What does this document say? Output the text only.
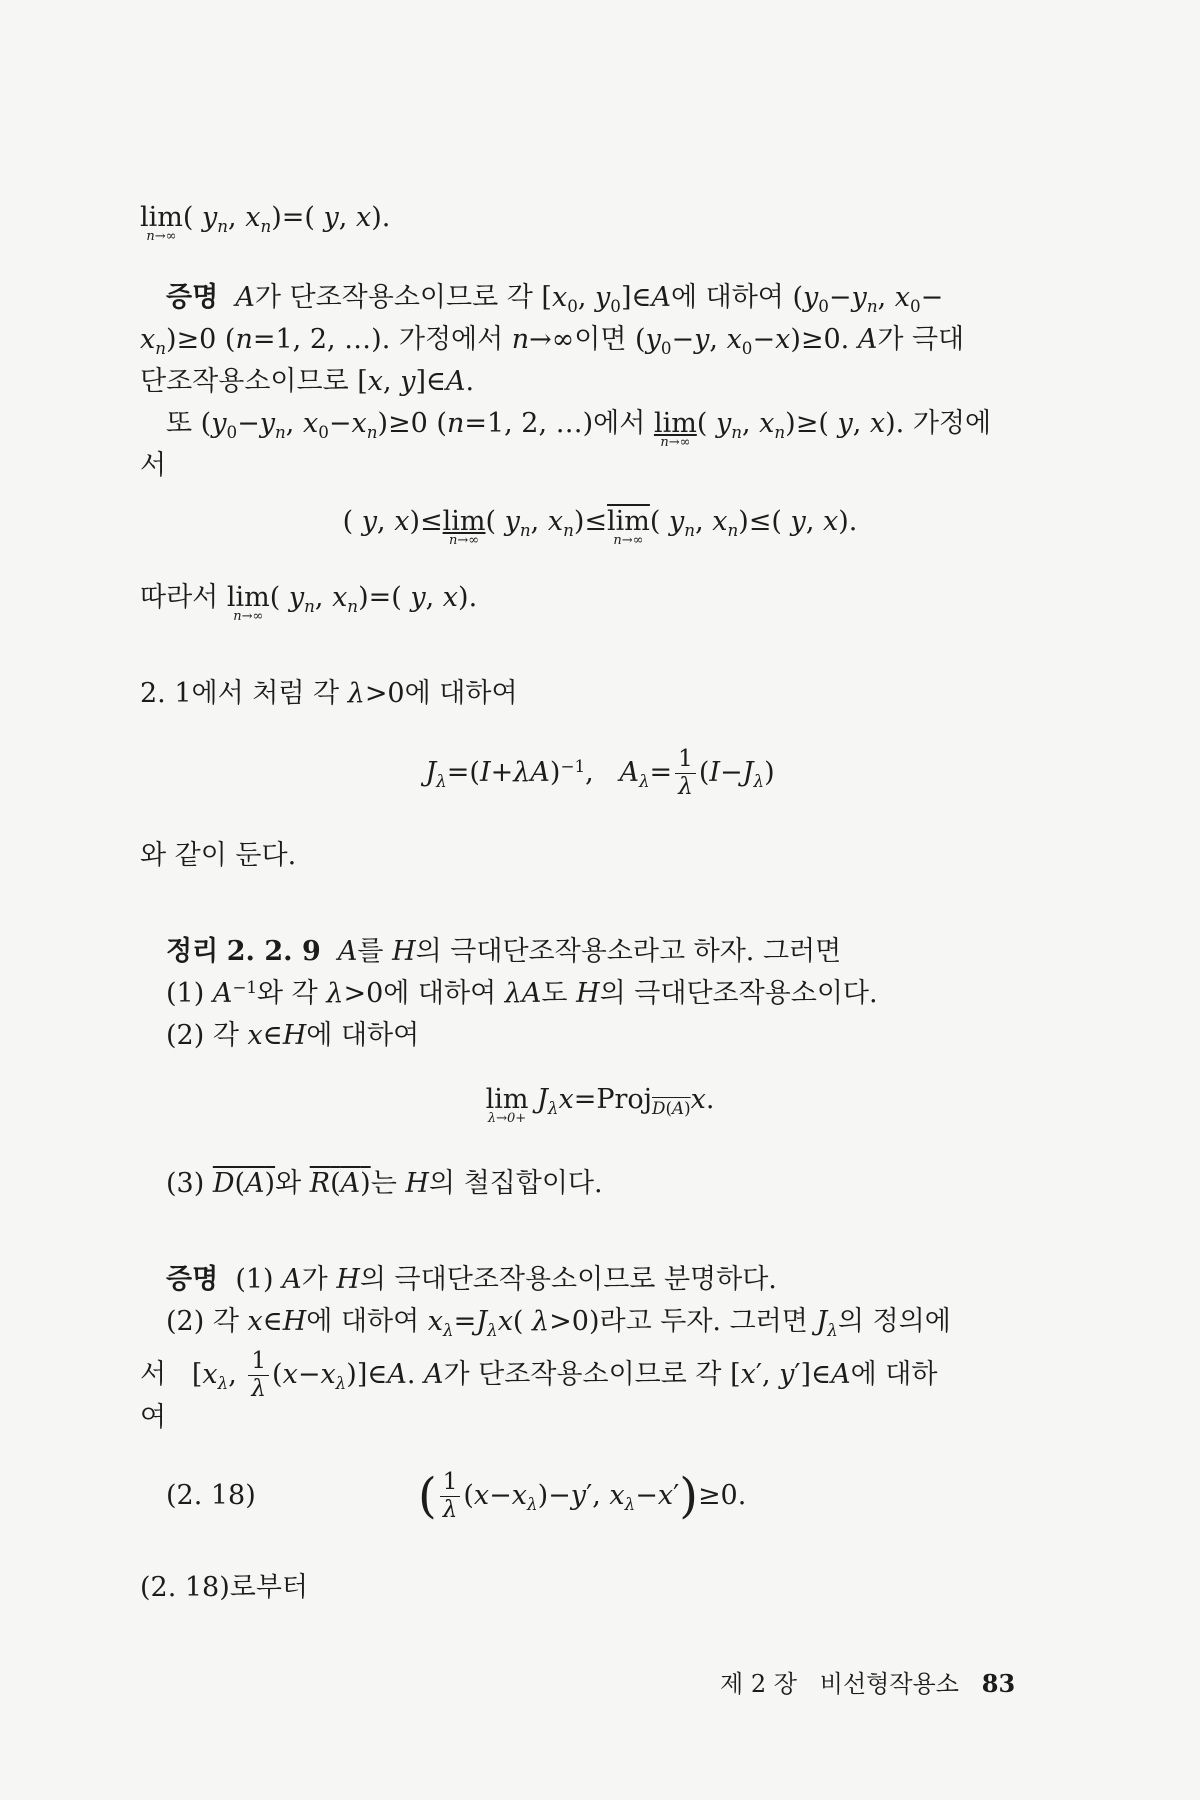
lim
n→∞
( $y_n$, $x_n)=$( y, x).
증명 A가 단조작용소이므로 각 [$x_0$, $y_0]\in A$에 대하여 ($y_0-y_n$, $x_0-$
$x_n)\ge 0$ (n=1, 2, …). 가정에서 n→∞이면 ($y_0-y$, $x_0-x)\ge 0$. A가 극대
단조작용소이므로 [x, y]∈A.
또 ($y_0-y_n$, $x_0-x_n)\ge 0$ (n=1, 2, …)에서 lim
n→∞
( $y_n$, $x_n)\ge$( y, x). 가정에
서
( y, x)≤ lim
n→∞
( $y_n$, $x_n)\le \overline{lim}$
n→∞
( $y_n$, $x_n)\le$( y, x).
따라서 lim
n→∞
( $y_n$, $x_n)=$( y, x).
2. 1에서 처럼 각 λ>0에 대하여
$J_\lambda=(I+\lambda A)^{-1}$,   $A_\lambda= \frac{1}{\lambda} (I-J_\lambda)$
와 같이 둔다.
정리 2. 2. 9 A를 H의 극대단조작용소라고 하자. 그러면
(1) $A^{-1}$와 각 λ>0에 대하여 λA도 H의 극대단조작용소이다.
(2) 각 x∈H에 대하여
lim
λ→0+
$J_\lambda x=Proj_{D(A)}x$.
(3) D(A)와 R(A)는 H의 철집합이다.
증명  (1) A가 H의 극대단조작용소이므로 분명하다.
(2) 각 x∈H에 대하여 $x_\lambda=J_\lambda x$( λ>0)라고 두자. 그러면 $J_\lambda$의 정의에
서   [$x_\lambda$, $\frac{1}{\lambda}$ $(x-x_\lambda)]\in A$. A가 단조작용소이므로 각 [x′, y′]∈A에 대하
여
(2. 18)	( $\frac{1}{\lambda} (x-x_\lambda)-y'$, $x_\lambda-x')\ge 0$.
(2. 18)로부터
제 2 장 비선형작용소 83
